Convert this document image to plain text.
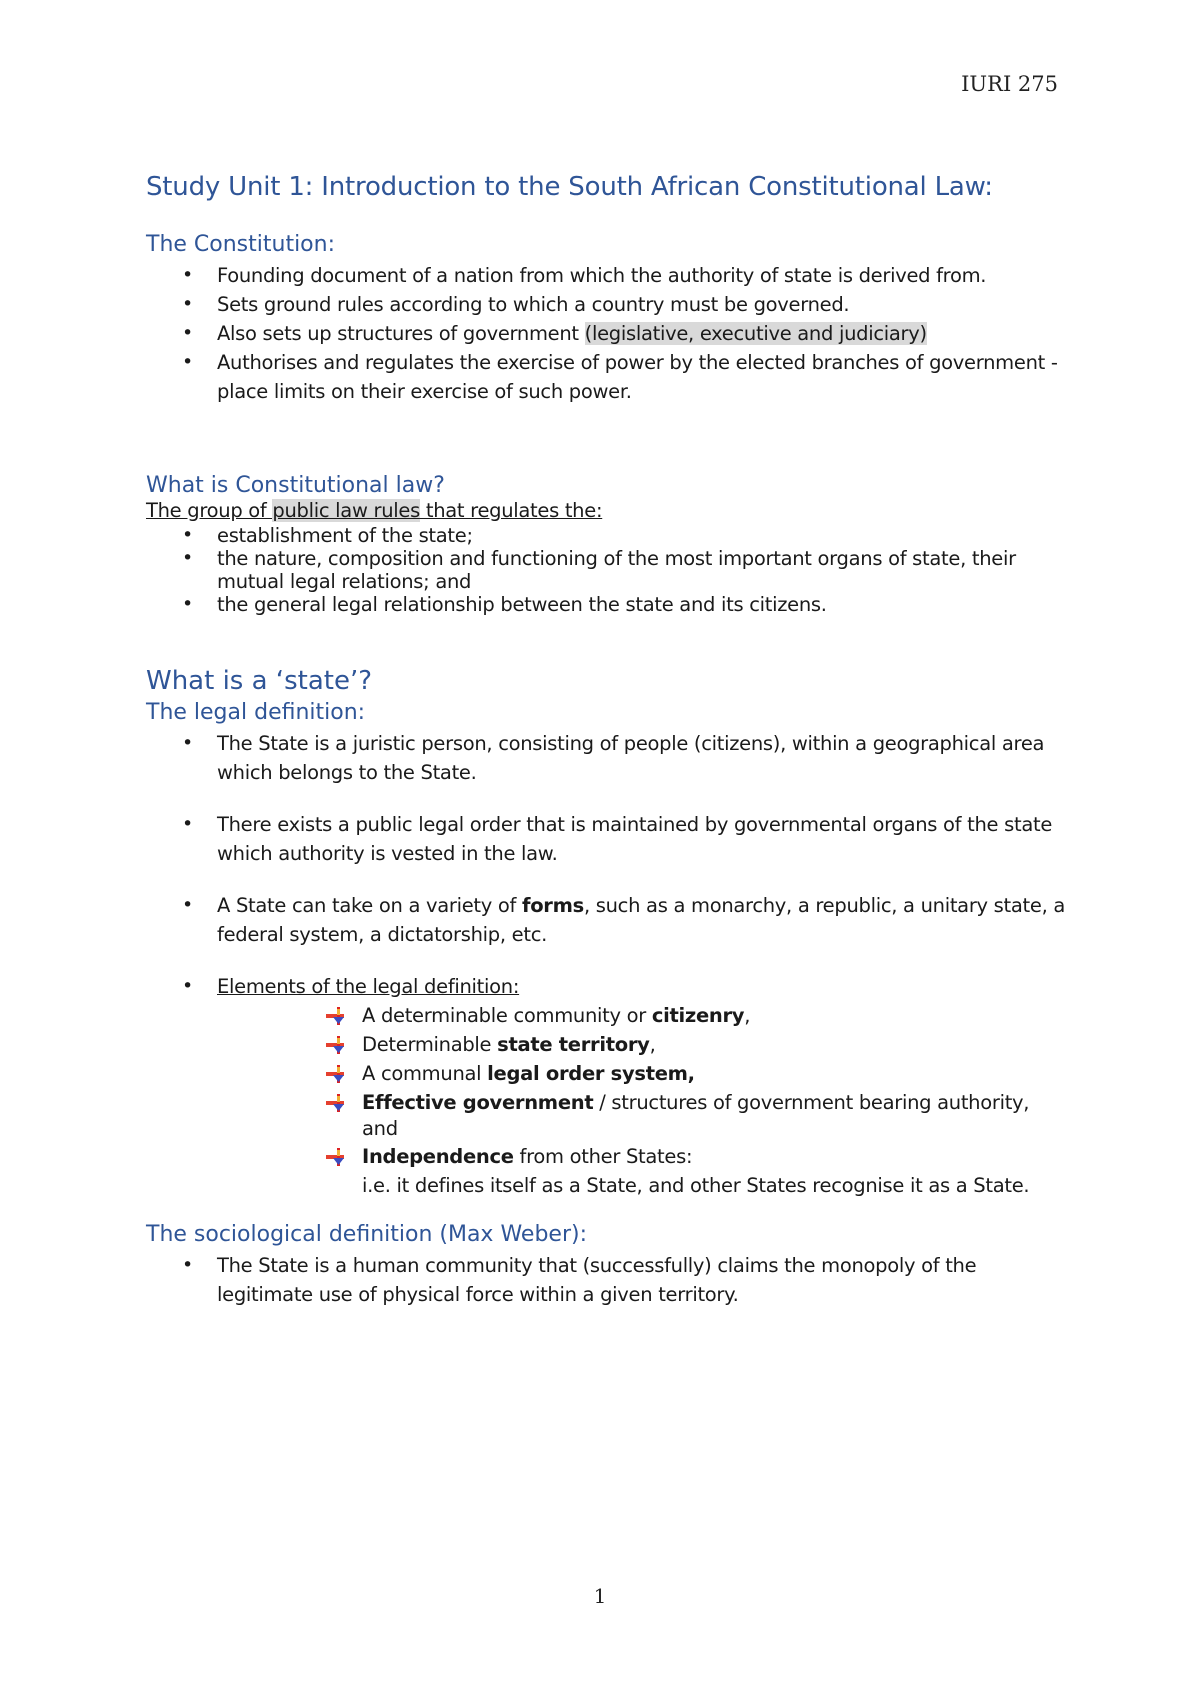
IURI 275
Study Unit 1: Introduction to the South African Constitutional Law:
The Constitution:
• Founding document of a nation from which the authority of state is derived from.
• Sets ground rules according to which a country must be governed.
• Also sets up structures of government (legislative, executive and judiciary)
• Authorises and regulates the exercise of power by the elected branches of government -place limits on their exercise of such power.
What is Constitutional law?
The group of public law rules that regulates the:
• establishment of the state;
• the nature, composition and functioning of the most important organs of state, their mutual legal relations; and
• the general legal relationship between the state and its citizens.
What is a ‘state’?
The legal definition:
• The State is a juristic person, consisting of people (citizens), within a geographical area which belongs to the State.
• There exists a public legal order that is maintained by governmental organs of the state which authority is vested in the law.
• A State can take on a variety of forms, such as a monarchy, a republic, a unitary state, a federal system, a dictatorship, etc.
• Elements of the legal definition:
A determinable community or citizenry,
Determinable state territory,
A communal legal order system,
Effective government / structures of government bearing authority, and
Independence from other States:
i.e. it defines itself as a State, and other States recognise it as a State.
The sociological definition (Max Weber):
• The State is a human community that (successfully) claims the monopoly of the legitimate use of physical force within a given territory.
1
